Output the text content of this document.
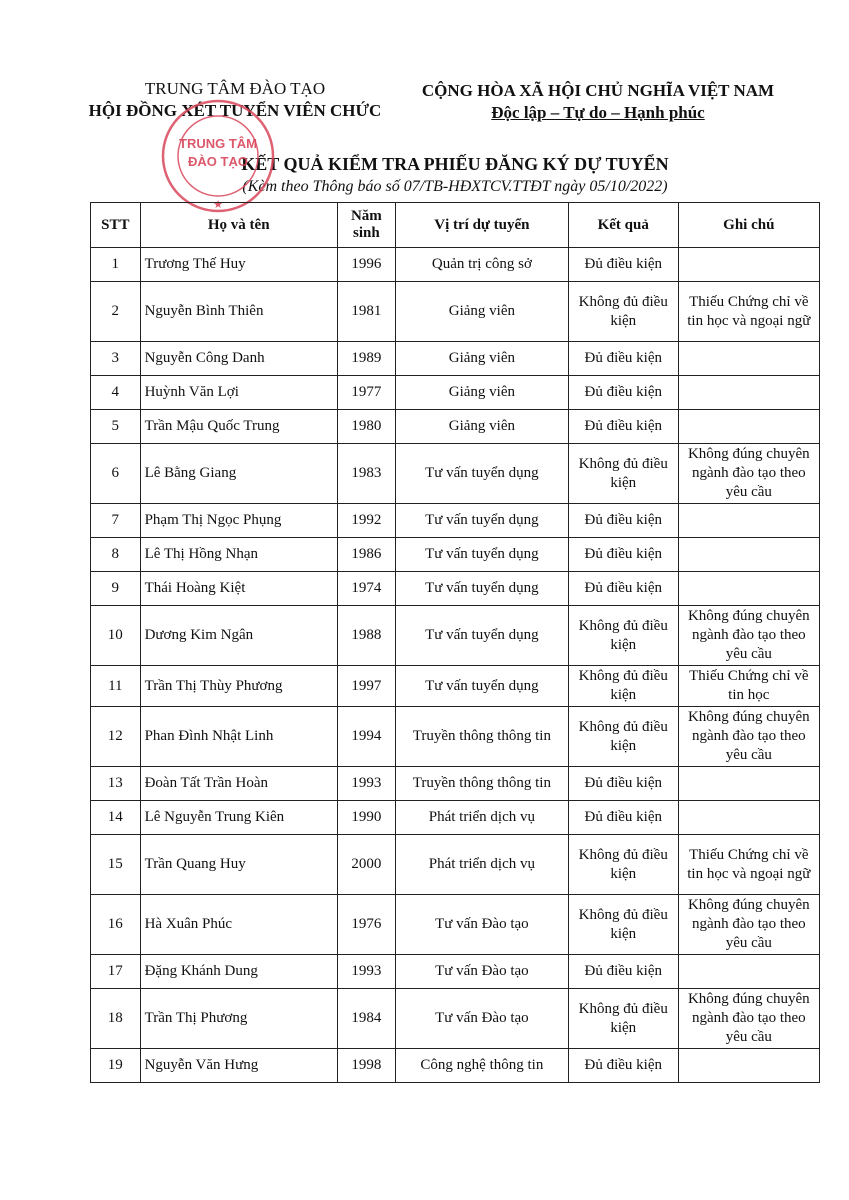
TRUNG TÂM ĐÀO TẠO
HỘI ĐỒNG XÉT TUYỂN VIÊN CHỨC
CỘNG HÒA XÃ HỘI CHỦ NGHĨA VIỆT NAM
Độc lập – Tự do – Hạnh phúc
KẾT QUẢ KIỂM TRA PHIẾU ĐĂNG KÝ DỰ TUYỂN
(Kèm theo Thông báo số 07/TB-HĐXTCV.TTĐT ngày 05/10/2022)
TRUNG TÂM
ĐÀO TẠO
★
STT	Họ và tên	Năm sinh	Vị trí dự tuyển	Kết quả	Ghi chú
1	Trương Thế Huy	1996	Quản trị công sở	Đủ điều kiện	
2	Nguyễn Bình Thiên	1981	Giảng viên	Không đủ điều kiện	Thiếu Chứng chỉ về tin học và ngoại ngữ
3	Nguyễn Công Danh	1989	Giảng viên	Đủ điều kiện	
4	Huỳnh Văn Lợi	1977	Giảng viên	Đủ điều kiện	
5	Trần Mậu Quốc Trung	1980	Giảng viên	Đủ điều kiện	
6	Lê Bằng Giang	1983	Tư vấn tuyển dụng	Không đủ điều kiện	Không đúng chuyên ngành đào tạo theo yêu cầu
7	Phạm Thị Ngọc Phụng	1992	Tư vấn tuyển dụng	Đủ điều kiện	
8	Lê Thị Hồng Nhạn	1986	Tư vấn tuyển dụng	Đủ điều kiện	
9	Thái Hoàng Kiệt	1974	Tư vấn tuyển dụng	Đủ điều kiện	
10	Dương Kim Ngân	1988	Tư vấn tuyển dụng	Không đủ điều kiện	Không đúng chuyên ngành đào tạo theo yêu cầu
11	Trần Thị Thùy Phương	1997	Tư vấn tuyển dụng	Không đủ điều kiện	Thiếu Chứng chỉ về tin học
12	Phan Đình Nhật Linh	1994	Truyền thông thông tin	Không đủ điều kiện	Không đúng chuyên ngành đào tạo theo yêu cầu
13	Đoàn Tất Trần Hoàn	1993	Truyền thông thông tin	Đủ điều kiện	
14	Lê Nguyễn Trung Kiên	1990	Phát triển dịch vụ	Đủ điều kiện	
15	Trần Quang Huy	2000	Phát triển dịch vụ	Không đủ điều kiện	Thiếu Chứng chỉ về tin học và ngoại ngữ
16	Hà Xuân Phúc	1976	Tư vấn Đào tạo	Không đủ điều kiện	Không đúng chuyên ngành đào tạo theo yêu cầu
17	Đặng Khánh Dung	1993	Tư vấn Đào tạo	Đủ điều kiện	
18	Trần Thị Phương	1984	Tư vấn Đào tạo	Không đủ điều kiện	Không đúng chuyên ngành đào tạo theo yêu cầu
19	Nguyễn Văn Hưng	1998	Công nghệ thông tin	Đủ điều kiện	
